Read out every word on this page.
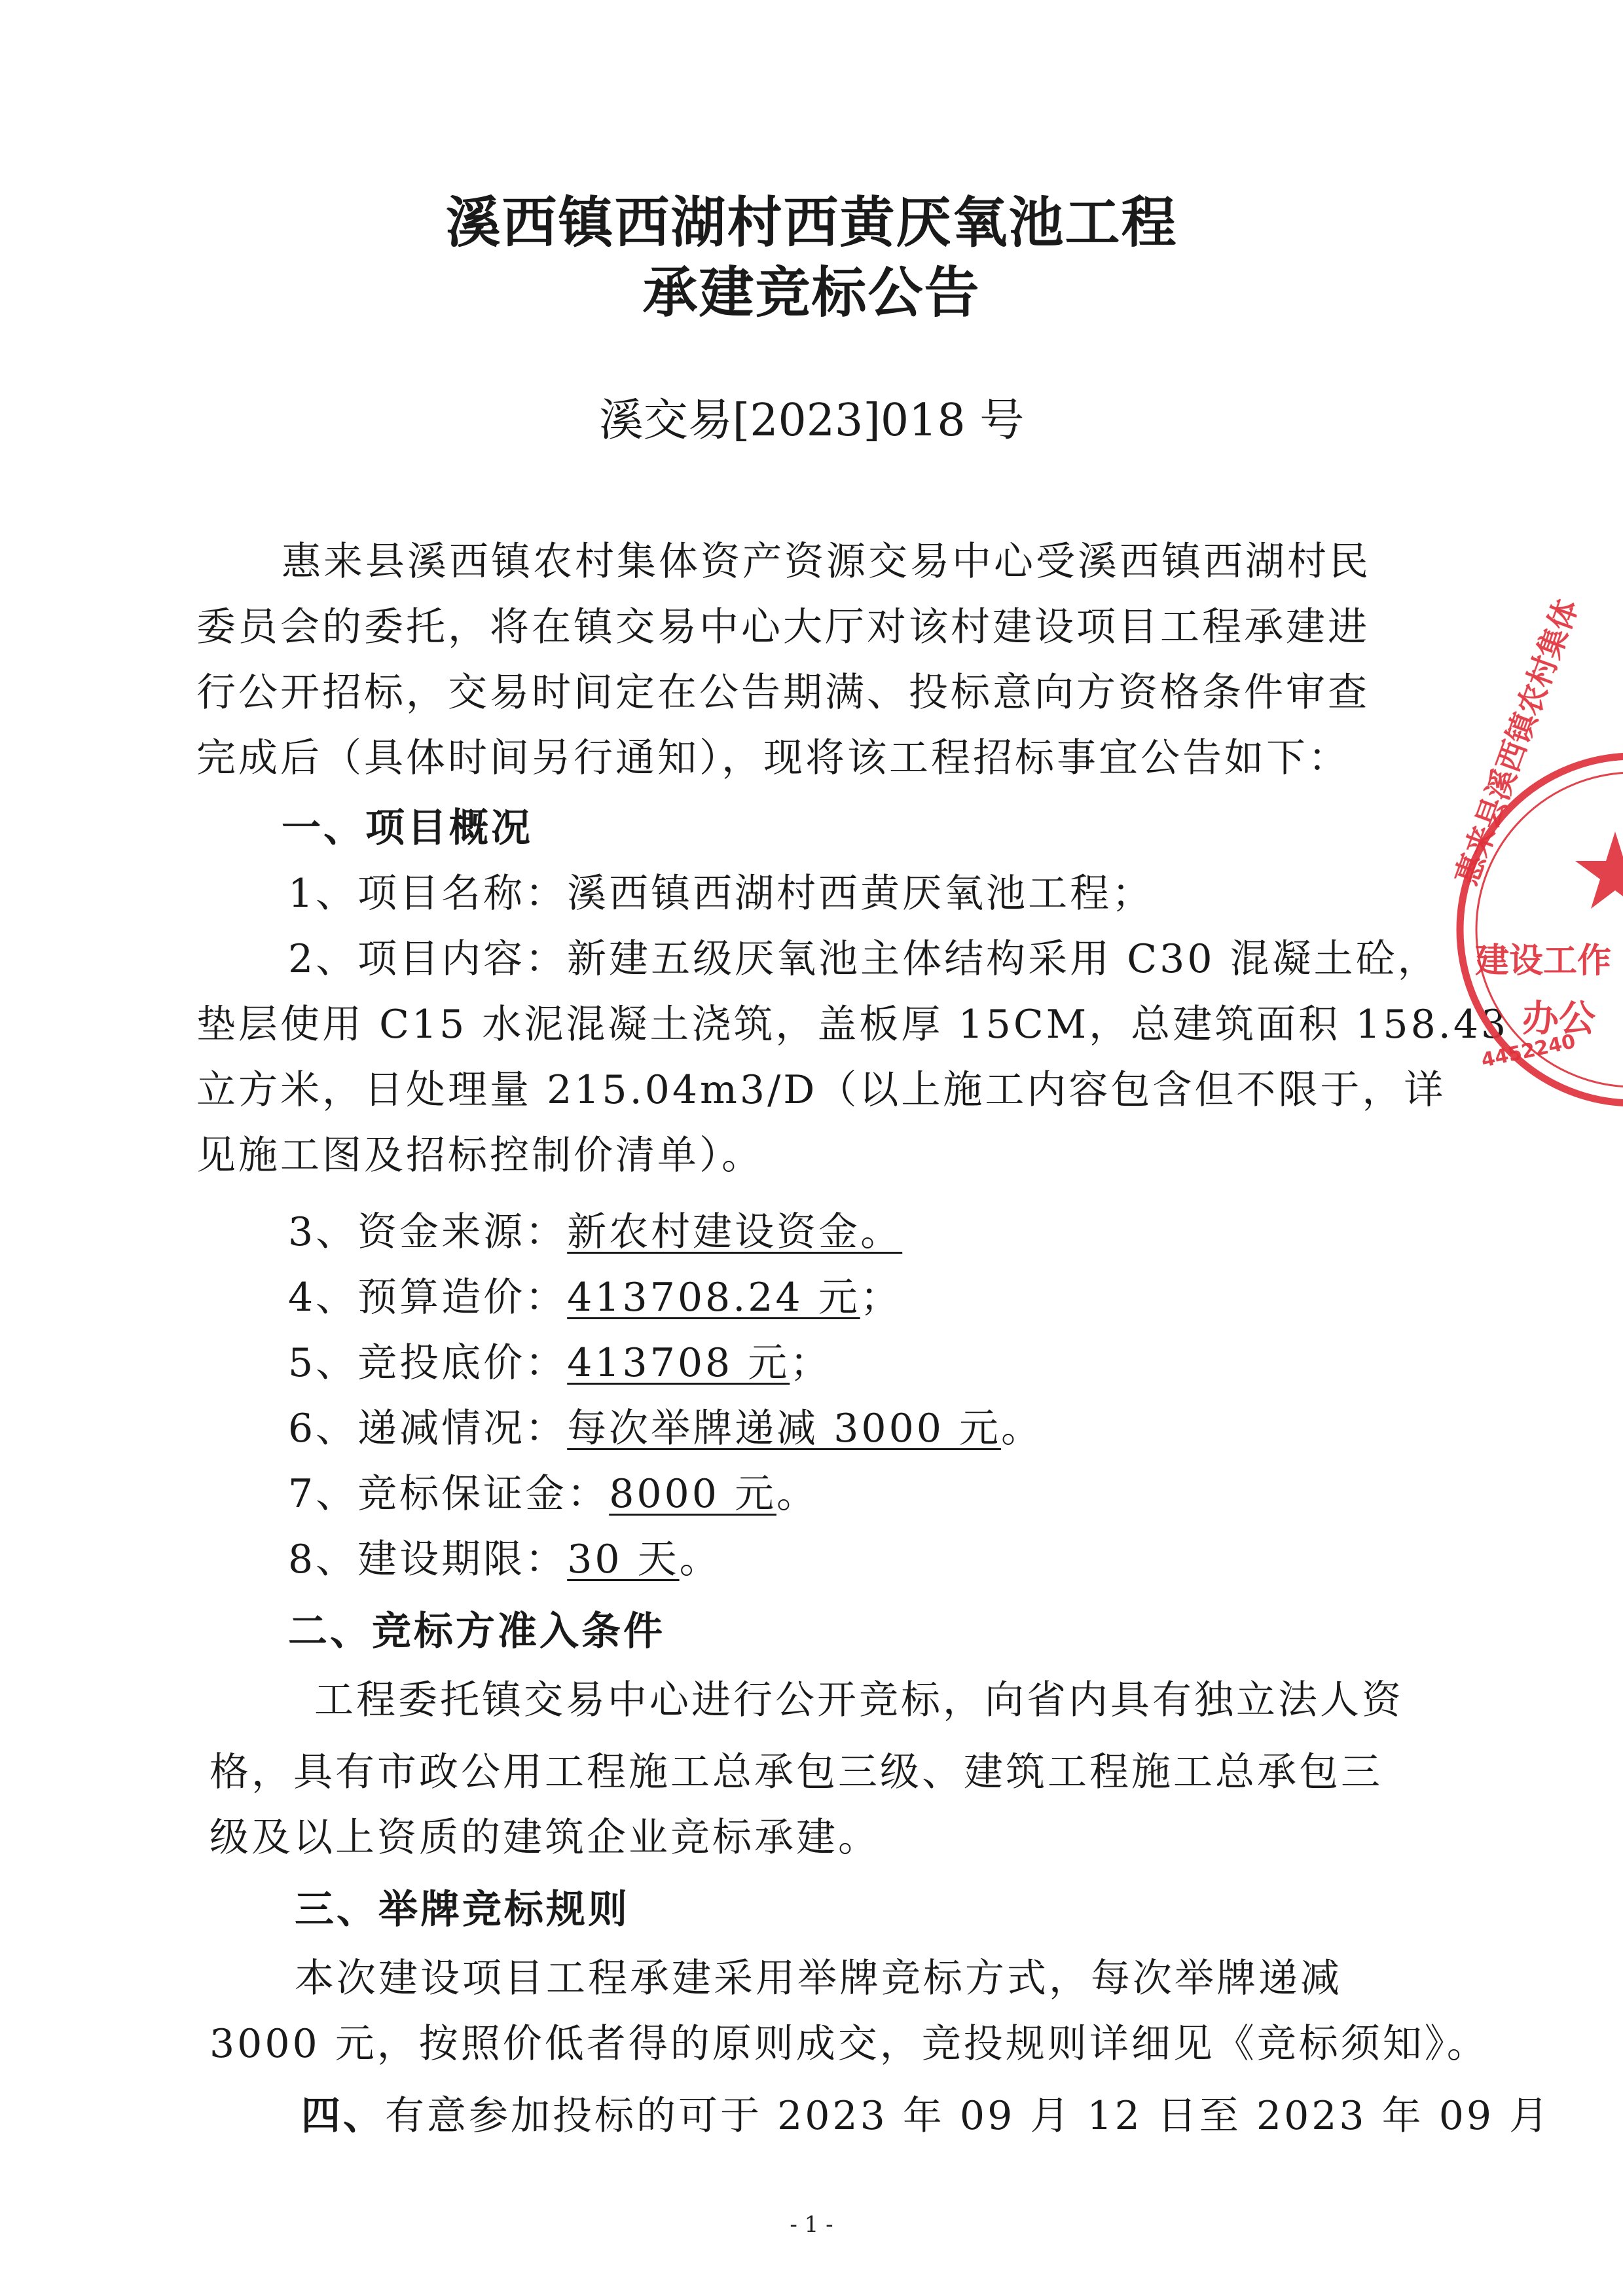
溪西镇西湖村西黄厌氧池工程
承建竞标公告
溪交易[2023]018 号
惠来县溪西镇农村集体资产资源交易中心受溪西镇西湖村民
委员会的委托，将在镇交易中心大厅对该村建设项目工程承建进
行公开招标，交易时间定在公告期满、投标意向方资格条件审查
完成后（具体时间另行通知），现将该工程招标事宜公告如下：
一、项目概况
1、项目名称：溪西镇西湖村西黄厌氧池工程；
2、项目内容：新建五级厌氧池主体结构采用 C30 混凝土砼，
垫层使用 C15 水泥混凝土浇筑，盖板厚 15CM，总建筑面积 158.43
立方米，日处理量 215.04m3/D（以上施工内容包含但不限于，详
见施工图及招标控制价清单）。
3、资金来源：新农村建设资金。
4、预算造价：413708.24 元；
5、竞投底价：413708 元；
6、递减情况：每次举牌递减 3000 元。
7、竞标保证金：8000 元。
8、建设期限：30 天。
二、竞标方准入条件
工程委托镇交易中心进行公开竞标，向省内具有独立法人资
格，具有市政公用工程施工总承包三级、建筑工程施工总承包三
级及以上资质的建筑企业竞标承建。
三、举牌竞标规则
本次建设项目工程承建采用举牌竞标方式，每次举牌递减
3000 元，按照价低者得的原则成交，竞投规则详细见《竞标须知》。
四、有意参加投标的可于 2023 年 09 月 12 日至 2023 年 09 月
- 1 -
惠来县溪西镇农村集体
建设工作
办公
4452240
